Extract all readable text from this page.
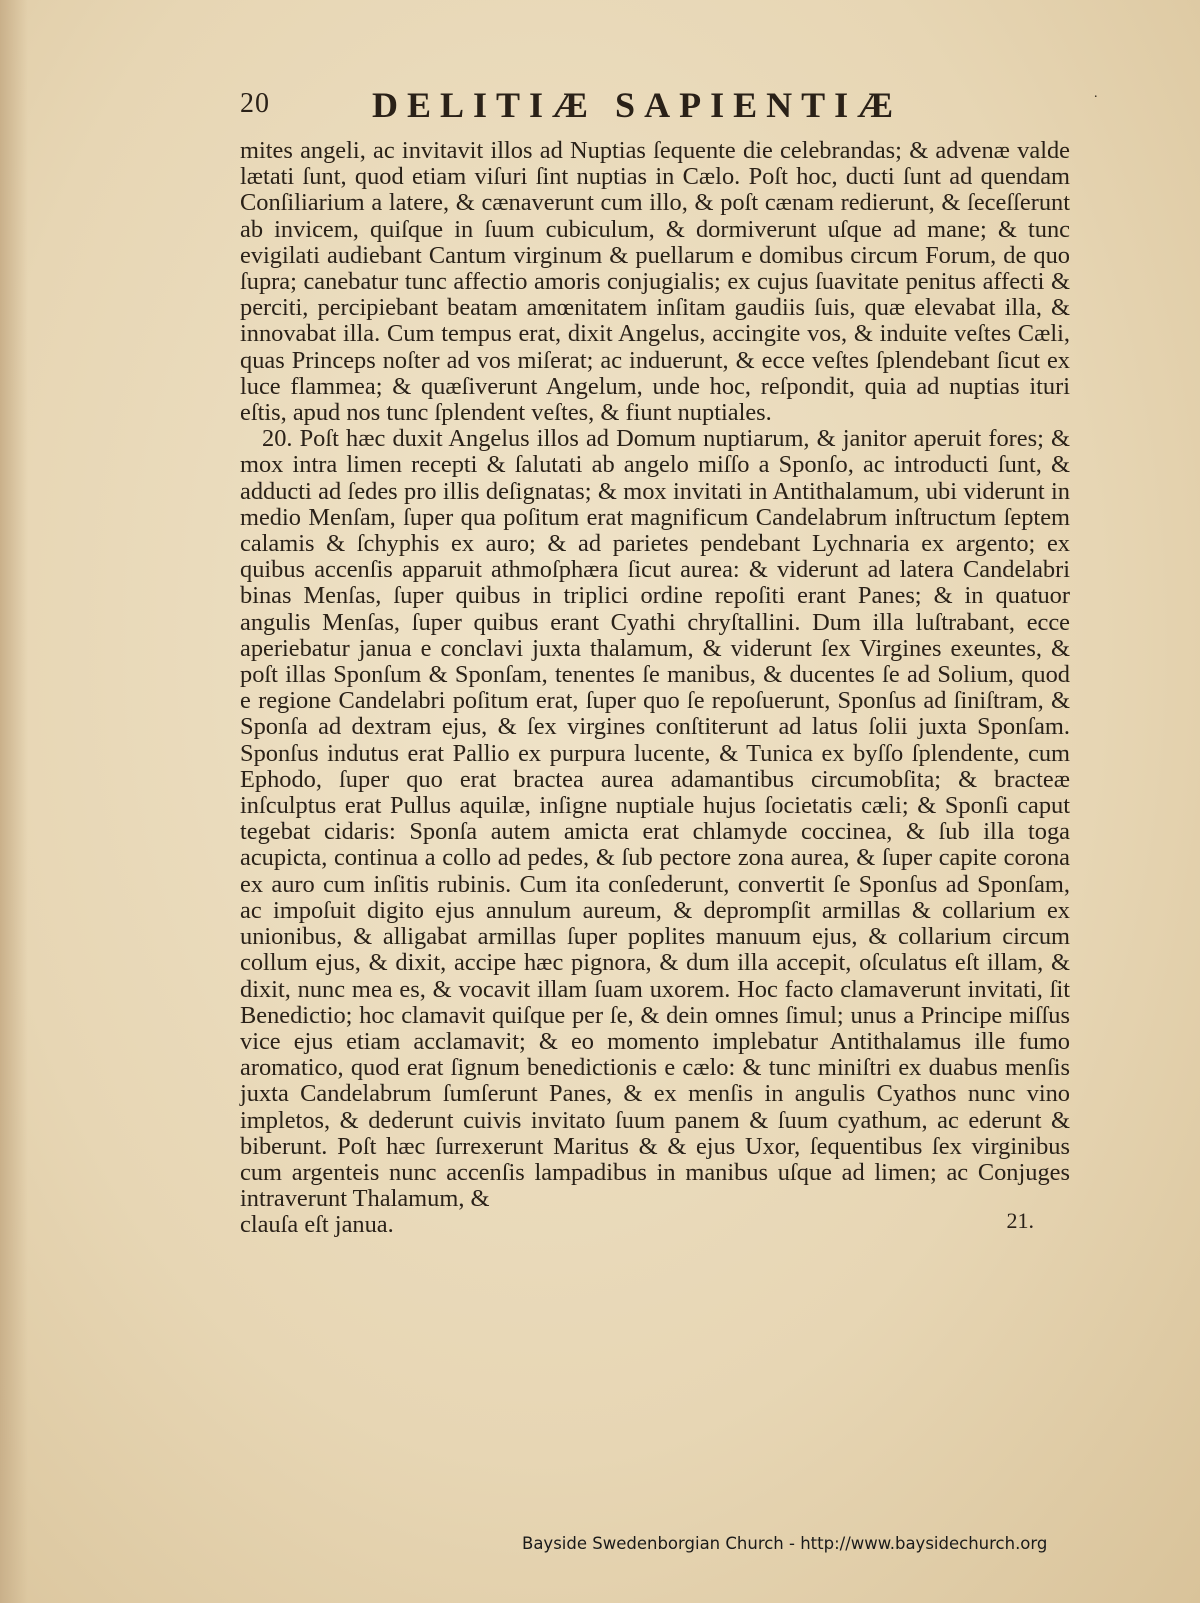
20	DELITIÆ SAPIENTIÆ	.

mites angeli, ac invitavit illos ad Nuptias ſequente die celebrandas; & advenæ valde lætati ſunt, quod etiam viſuri ſint nuptias in Cælo. Poſt hoc, ducti ſunt ad quendam Conſiliarium a latere, & cænaverunt cum illo, & poſt cænam redierunt, & ſeceſſerunt ab invicem, quiſque in ſuum cubiculum, & dormiverunt uſque ad mane; & tunc evigilati audiebant Cantum virginum & puellarum e domibus circum Forum, de quo ſupra; canebatur tunc affectio amoris conjugialis; ex cujus ſuavitate penitus affecti & perciti, percipiebant beatam amœnitatem inſitam gaudiis ſuis, quæ elevabat illa, & innovabat illa. Cum tempus erat, dixit Angelus, accingite vos, & induite veſtes Cæli, quas Princeps noſter ad vos miſerat; ac induerunt, & ecce veſtes ſplendebant ſicut ex luce flammea; & quæſiverunt Angelum, unde hoc, reſpondit, quia ad nuptias ituri eſtis, apud nos tunc ſplendent veſtes, & fiunt nuptiales.

20. Poſt hæc duxit Angelus illos ad Domum nuptiarum, & janitor aperuit fores; & mox intra limen recepti & ſalutati ab angelo miſſo a Sponſo, ac introducti ſunt, & adducti ad ſedes pro illis deſignatas; & mox invitati in Antithalamum, ubi viderunt in medio Menſam, ſuper qua poſitum erat magnificum Candelabrum inſtructum ſeptem calamis & ſchyphis ex auro; & ad parietes pendebant Lychnaria ex argento; ex quibus accenſis apparuit athmoſphæra ſicut aurea: & viderunt ad latera Candelabri binas Menſas, ſuper quibus in triplici ordine repoſiti erant Panes; & in quatuor angulis Menſas, ſuper quibus erant Cyathi chryſtallini. Dum illa luſtrabant, ecce aperiebatur janua e conclavi juxta thalamum, & viderunt ſex Virgines exeuntes, & poſt illas Sponſum & Sponſam, tenentes ſe manibus, & ducentes ſe ad Solium, quod e regione Candelabri poſitum erat, ſuper quo ſe repoſuerunt, Sponſus ad ſiniſtram, & Sponſa ad dextram ejus, & ſex virgines conſtiterunt ad latus ſolii juxta Sponſam. Sponſus indutus erat Pallio ex purpura lucente, & Tunica ex byſſo ſplendente, cum Ephodo, ſuper quo erat bractea aurea adamantibus circumobſita; & bracteæ inſculptus erat Pullus aquilæ, inſigne nuptiale hujus ſocietatis cæli; & Sponſi caput tegebat cidaris: Sponſa autem amicta erat chlamyde coccinea, & ſub illa toga acupicta, continua a collo ad pedes, & ſub pectore zona aurea, & ſuper capite corona ex auro cum inſitis rubinis. Cum ita conſederunt, convertit ſe Sponſus ad Sponſam, ac impoſuit digito ejus annulum aureum, & deprompſit armillas & collarium ex unionibus, & alligabat armillas ſuper poplites manuum ejus, & collarium circum collum ejus, & dixit, accipe hæc pignora, & dum illa accepit, oſculatus eſt illam, & dixit, nunc mea es, & vocavit illam ſuam uxorem. Hoc facto clamaverunt invitati, ſit Benedictio; hoc clamavit quiſque per ſe, & dein omnes ſimul; unus a Principe miſſus vice ejus etiam acclamavit; & eo momento implebatur Antithalamus ille fumo aromatico, quod erat ſignum benedictionis e cælo: & tunc miniſtri ex duabus menſis juxta Candelabrum ſumſerunt Panes, & ex menſis in angulis Cyathos nunc vino impletos, & dederunt cuivis invitato ſuum panem & ſuum cyathum, ac ederunt & biberunt. Poſt hæc ſurrexerunt Maritus & & ejus Uxor, ſequentibus ſex virginibus cum argenteis nunc accenſis lampadibus in manibus uſque ad limen; ac Conjuges intraverunt Thalamum, &

clauſa eſt janua.	21.
Bayside Swedenborgian Church - http://www.baysidechurch.org
